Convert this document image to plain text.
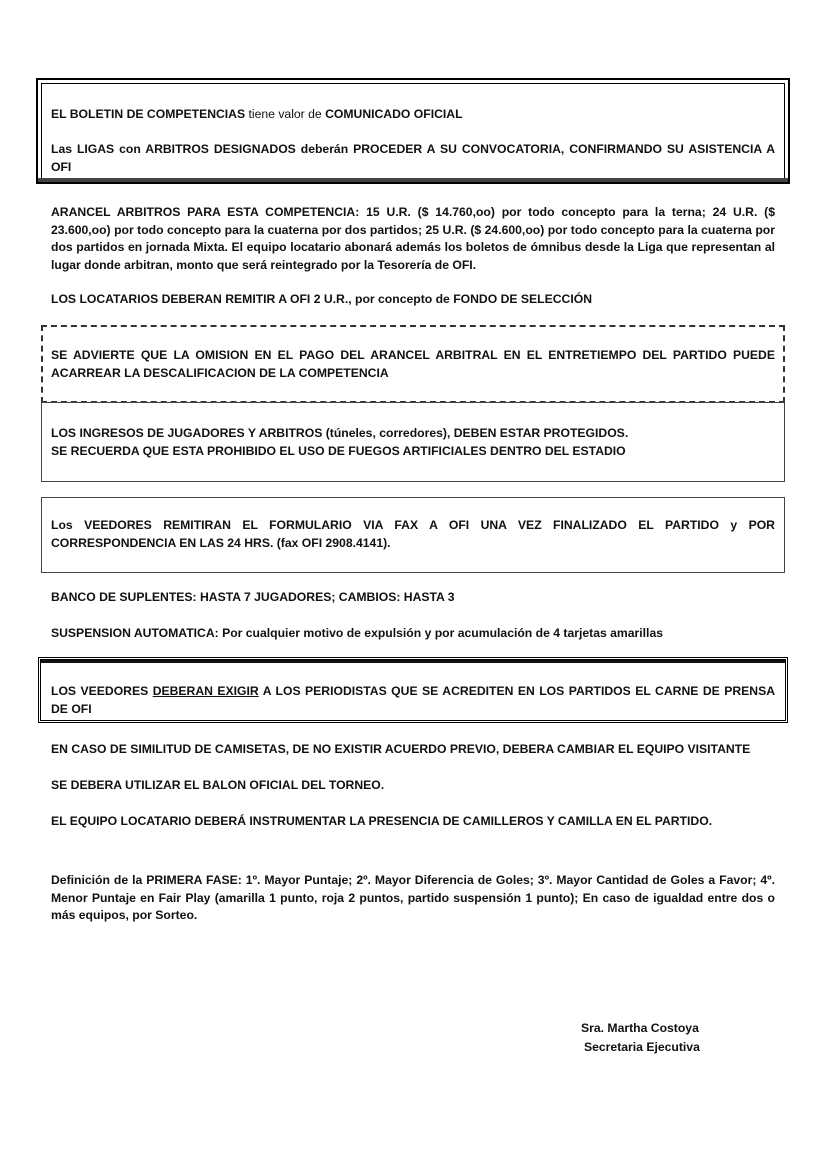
EL BOLETIN DE COMPETENCIAS tiene valor de COMUNICADO OFICIAL

Las LIGAS con ARBITROS DESIGNADOS deberán PROCEDER A SU CONVOCATORIA, CONFIRMANDO SU ASISTENCIA A OFI

ARANCEL ARBITROS PARA ESTA COMPETENCIA: 15 U.R. ($ 14.760,oo) por todo concepto para la terna; 24 U.R. ($ 23.600,oo) por todo concepto para la cuaterna por dos partidos; 25 U.R. ($ 24.600,oo) por todo concepto para la cuaterna por dos partidos en jornada Mixta. El equipo locatario abonará además los boletos de ómnibus desde la Liga que representan al lugar donde arbitran, monto que será reintegrado por la Tesorería de OFI.

LOS LOCATARIOS DEBERAN REMITIR A OFI 2 U.R., por concepto de FONDO DE SELECCIÓN

SE ADVIERTE QUE LA OMISION EN EL PAGO DEL ARANCEL ARBITRAL EN EL ENTRETIEMPO DEL PARTIDO PUEDE ACARREAR LA DESCALIFICACION DE LA COMPETENCIA

LOS INGRESOS DE JUGADORES Y ARBITROS (túneles, corredores), DEBEN ESTAR PROTEGIDOS.

SE RECUERDA QUE ESTA PROHIBIDO EL USO DE FUEGOS ARTIFICIALES DENTRO DEL ESTADIO

Los VEEDORES REMITIRAN EL FORMULARIO VIA FAX A OFI UNA VEZ FINALIZADO EL PARTIDO y POR CORRESPONDENCIA EN LAS 24 HRS. (fax OFI 2908.4141).

BANCO DE SUPLENTES: HASTA 7 JUGADORES; CAMBIOS: HASTA 3

SUSPENSION AUTOMATICA: Por cualquier motivo de expulsión y por acumulación de 4 tarjetas amarillas

LOS VEEDORES DEBERAN EXIGIR A LOS PERIODISTAS QUE SE ACREDITEN EN LOS PARTIDOS EL CARNE DE PRENSA DE OFI

EN CASO DE SIMILITUD DE CAMISETAS, DE NO EXISTIR ACUERDO PREVIO, DEBERA CAMBIAR EL EQUIPO VISITANTE

SE DEBERA UTILIZAR EL BALON OFICIAL DEL TORNEO.

EL EQUIPO LOCATARIO DEBERÁ INSTRUMENTAR LA PRESENCIA DE CAMILLEROS Y CAMILLA EN EL PARTIDO.

Definición de la PRIMERA FASE: 1º. Mayor Puntaje; 2º. Mayor Diferencia de Goles; 3º. Mayor Cantidad de Goles a Favor; 4º. Menor Puntaje en Fair Play (amarilla 1 punto, roja 2 puntos, partido suspensión 1 punto); En caso de igualdad entre dos o más equipos, por Sorteo.

Sra. Martha Costoya
Secretaria Ejecutiva
